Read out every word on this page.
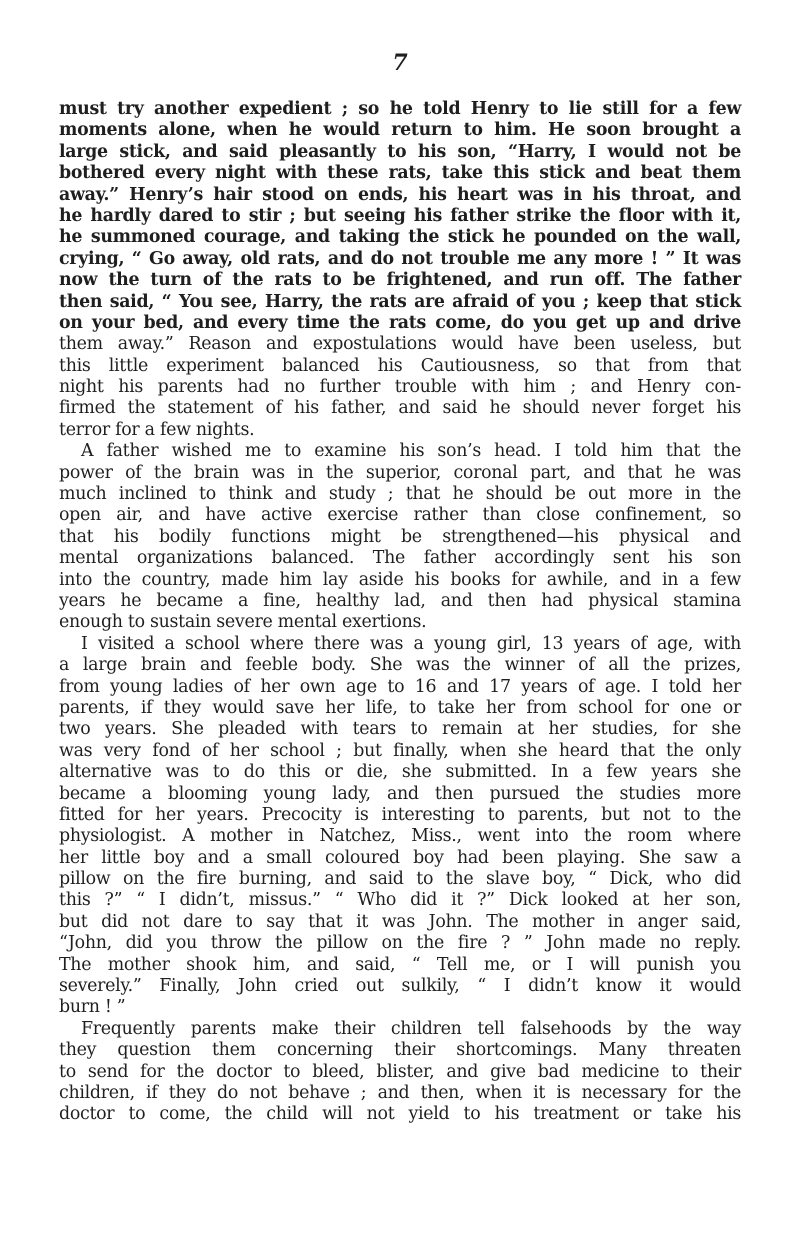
7
must try another expedient ; so he told Henry to lie still for a few
moments alone, when he would return to him. He soon brought a
large stick, and said pleasantly to his son, “Harry, I would not be
bothered every night with these rats, take this stick and beat them
away.” Henry’s hair stood on ends, his heart was in his throat, and
he hardly dared to stir ; but seeing his father strike the floor with it,
he summoned courage, and taking the stick he pounded on the wall,
crying, “ Go away, old rats, and do not trouble me any more ! ” It was
now the turn of the rats to be frightened, and run off. The father
then said, “ You see, Harry, the rats are afraid of you ; keep that stick
on your bed, and every time the rats come, do you get up and drive
them away.” Reason and expostulations would have been useless, but
this little experiment balanced his Cautiousness, so that from that
night his parents had no further trouble with him ; and Henry con-
firmed the statement of his father, and said he should never forget his
terror for a few nights.
A father wished me to examine his son’s head. I told him that the
power of the brain was in the superior, coronal part, and that he was
much inclined to think and study ; that he should be out more in the
open air, and have active exercise rather than close confinement, so
that his bodily functions might be strengthened—his physical and
mental organizations balanced. The father accordingly sent his son
into the country, made him lay aside his books for awhile, and in a few
years he became a fine, healthy lad, and then had physical stamina
enough to sustain severe mental exertions.
I visited a school where there was a young girl, 13 years of age, with
a large brain and feeble body. She was the winner of all the prizes,
from young ladies of her own age to 16 and 17 years of age. I told her
parents, if they would save her life, to take her from school for one or
two years. She pleaded with tears to remain at her studies, for she
was very fond of her school ; but finally, when she heard that the only
alternative was to do this or die, she submitted. In a few years she
became a blooming young lady, and then pursued the studies more
fitted for her years. Precocity is interesting to parents, but not to the
physiologist. A mother in Natchez, Miss., went into the room where
her little boy and a small coloured boy had been playing. She saw a
pillow on the fire burning, and said to the slave boy, “ Dick, who did
this ?” “ I didn’t, missus.” “ Who did it ?” Dick looked at her son,
but did not dare to say that it was John. The mother in anger said,
“John, did you throw the pillow on the fire ? ” John made no reply.
The mother shook him, and said, “ Tell me, or I will punish you
severely.” Finally, John cried out sulkily, “ I didn’t know it would
burn ! ”
Frequently parents make their children tell falsehoods by the way
they question them concerning their shortcomings. Many threaten
to send for the doctor to bleed, blister, and give bad medicine to their
children, if they do not behave ; and then, when it is necessary for the
doctor to come, the child will not yield to his treatment or take his
